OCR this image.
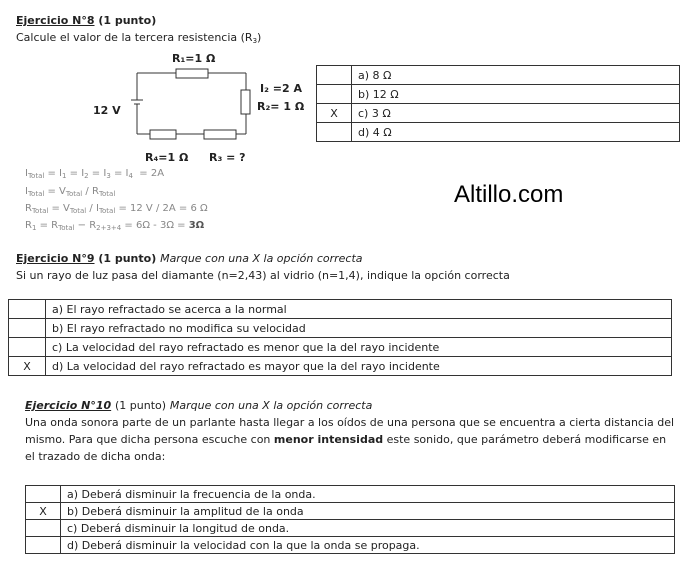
Ejercicio N°8 (1 punto)
Calcule el valor de la tercera resistencia $(R_3)$
R₁=1 Ω
I₂ =2 A
R₂= 1 Ω
12 V
R₄=1 Ω R₃ = ?
$I_{Total} = I_1 = I_2 = I_3 = I_4 = 2A$
$I_{Total} = V_{Total} / R_{Total}$
$R_{Total} = V_{Total} / I_{Total} = 12$ V / 2A = 6 Ω
$R_1 = R_{Total} - R_{2+3+4} = 6\Omega - 3\Omega = 3\Omega$
	a) 8 Ω
	b) 12 Ω
X	c) 3 Ω
	d) 4 Ω
Altillo.com
Ejercicio N°9 (1 punto) Marque con una X la opción correcta
Si un rayo de luz pasa del diamante (n=2,43) al vidrio (n=1,4), indique la opción correcta
	a) El rayo refractado se acerca a la normal
	b) El rayo refractado no modifica su velocidad
	c) La velocidad del rayo refractado es menor que la del rayo incidente
X	d) La velocidad del rayo refractado es mayor que la del rayo incidente
Ejercicio N°10 (1 punto) Marque con una X la opción correcta
Una onda sonora parte de un parlante hasta llegar a los oídos de una persona que se encuentra a cierta distancia del mismo. Para que dicha persona escuche con menor intensidad este sonido, que parámetro deberá modificarse en el trazado de dicha onda:
	a) Deberá disminuir la frecuencia de la onda.
X	b) Deberá disminuir la amplitud de la onda
	c) Deberá disminuir la longitud de onda.
	d) Deberá disminuir la velocidad con la que la onda se propaga.
